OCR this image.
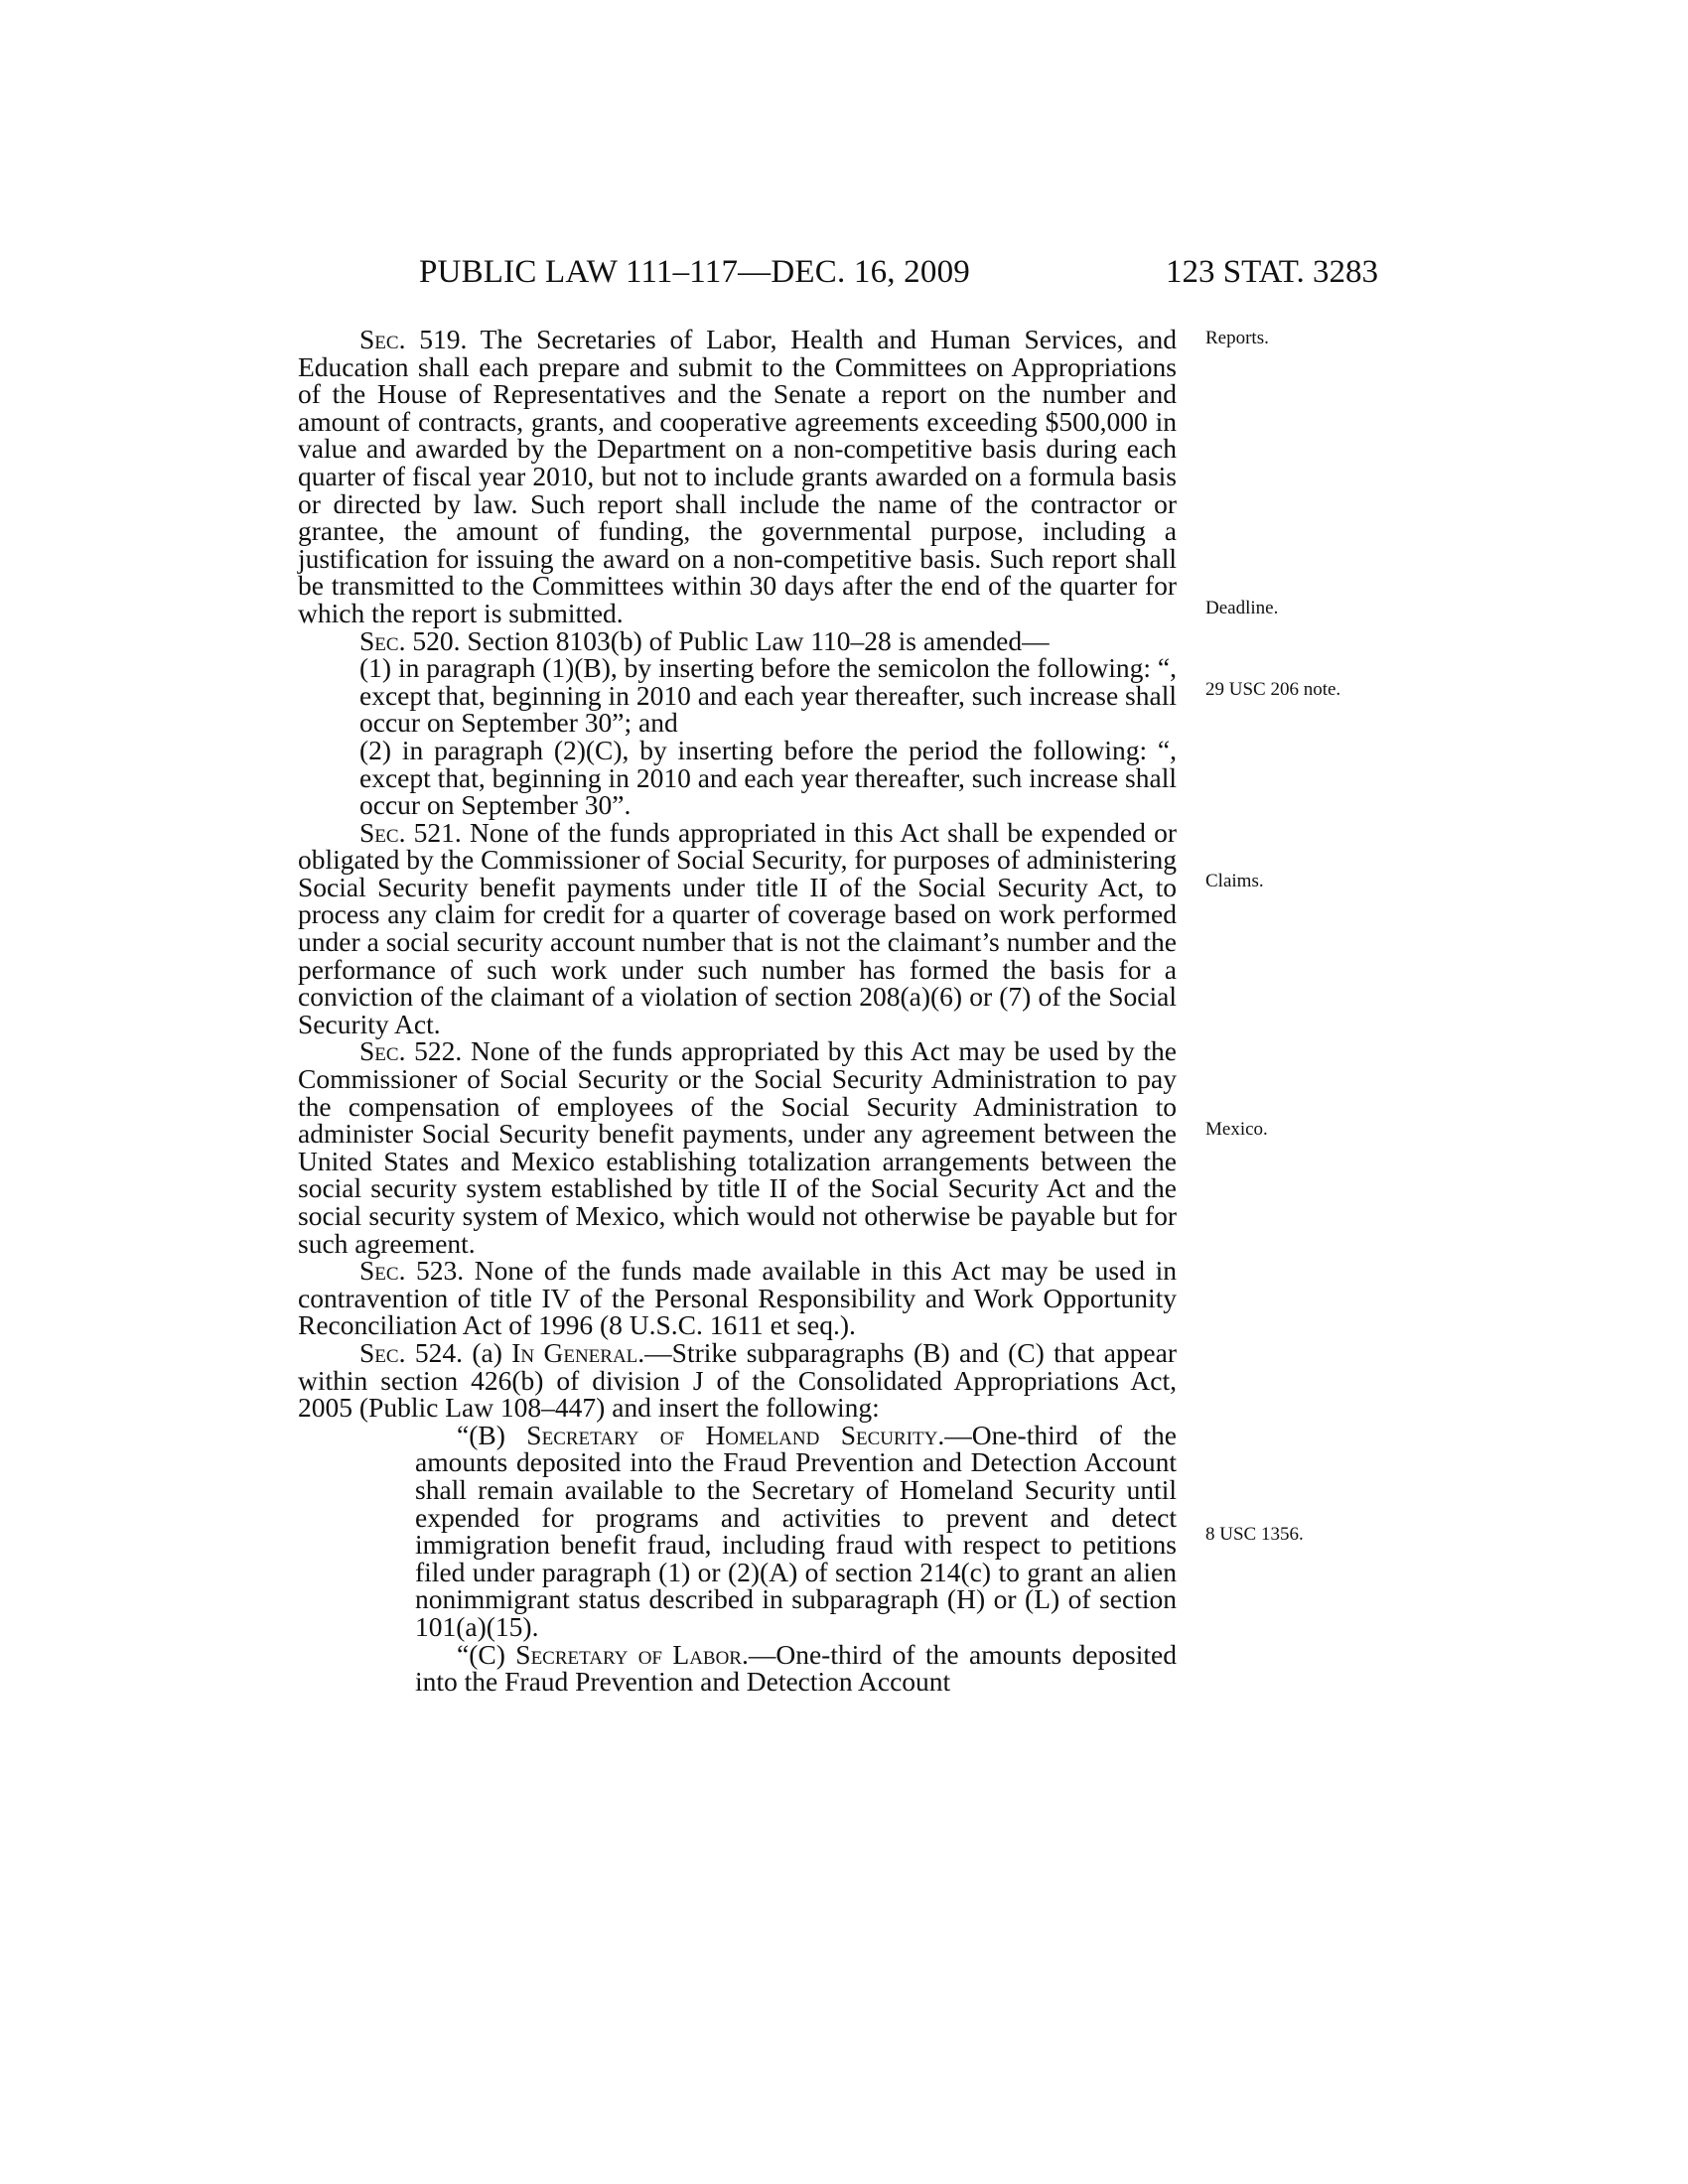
PUBLIC LAW 111–117—DEC. 16, 2009	123 STAT. 3283

Sec. 519. The Secretaries of Labor, Health and Human Services, and Education shall each prepare and submit to the Committees on Appropriations of the House of Representatives and the Senate a report on the number and amount of contracts, grants, and cooperative agreements exceeding $500,000 in value and awarded by the Department on a non-competitive basis during each quarter of fiscal year 2010, but not to include grants awarded on a formula basis or directed by law. Such report shall include the name of the contractor or grantee, the amount of funding, the governmental purpose, including a justification for issuing the award on a non-competitive basis. Such report shall be transmitted to the Committees within 30 days after the end of the quarter for which the report is submitted.

Sec. 520. Section 8103(b) of Public Law 110–28 is amended—

(1) in paragraph (1)(B), by inserting before the semicolon the following: “, except that, beginning in 2010 and each year thereafter, such increase shall occur on September 30”; and

(2) in paragraph (2)(C), by inserting before the period the following: “, except that, beginning in 2010 and each year thereafter, such increase shall occur on September 30”.

Sec. 521. None of the funds appropriated in this Act shall be expended or obligated by the Commissioner of Social Security, for purposes of administering Social Security benefit payments under title II of the Social Security Act, to process any claim for credit for a quarter of coverage based on work performed under a social security account number that is not the claimant’s number and the performance of such work under such number has formed the basis for a conviction of the claimant of a violation of section 208(a)(6) or (7) of the Social Security Act.

Sec. 522. None of the funds appropriated by this Act may be used by the Commissioner of Social Security or the Social Security Administration to pay the compensation of employees of the Social Security Administration to administer Social Security benefit payments, under any agreement between the United States and Mexico establishing totalization arrangements between the social security system established by title II of the Social Security Act and the social security system of Mexico, which would not otherwise be payable but for such agreement.

Sec. 523. None of the funds made available in this Act may be used in contravention of title IV of the Personal Responsibility and Work Opportunity Reconciliation Act of 1996 (8 U.S.C. 1611 et seq.).

Sec. 524. (a) In General.—Strike subparagraphs (B) and (C) that appear within section 426(b) of division J of the Consolidated Appropriations Act, 2005 (Public Law 108–447) and insert the following:

“(B) Secretary of Homeland Security.—One-third of the amounts deposited into the Fraud Prevention and Detection Account shall remain available to the Secretary of Homeland Security until expended for programs and activities to prevent and detect immigration benefit fraud, including fraud with respect to petitions filed under paragraph (1) or (2)(A) of section 214(c) to grant an alien nonimmigrant status described in subparagraph (H) or (L) of section 101(a)(15).

“(C) Secretary of Labor.—One-third of the amounts deposited into the Fraud Prevention and Detection Account

Reports.
Deadline.
29 USC 206 note.
Claims.
Mexico.
8 USC 1356.
